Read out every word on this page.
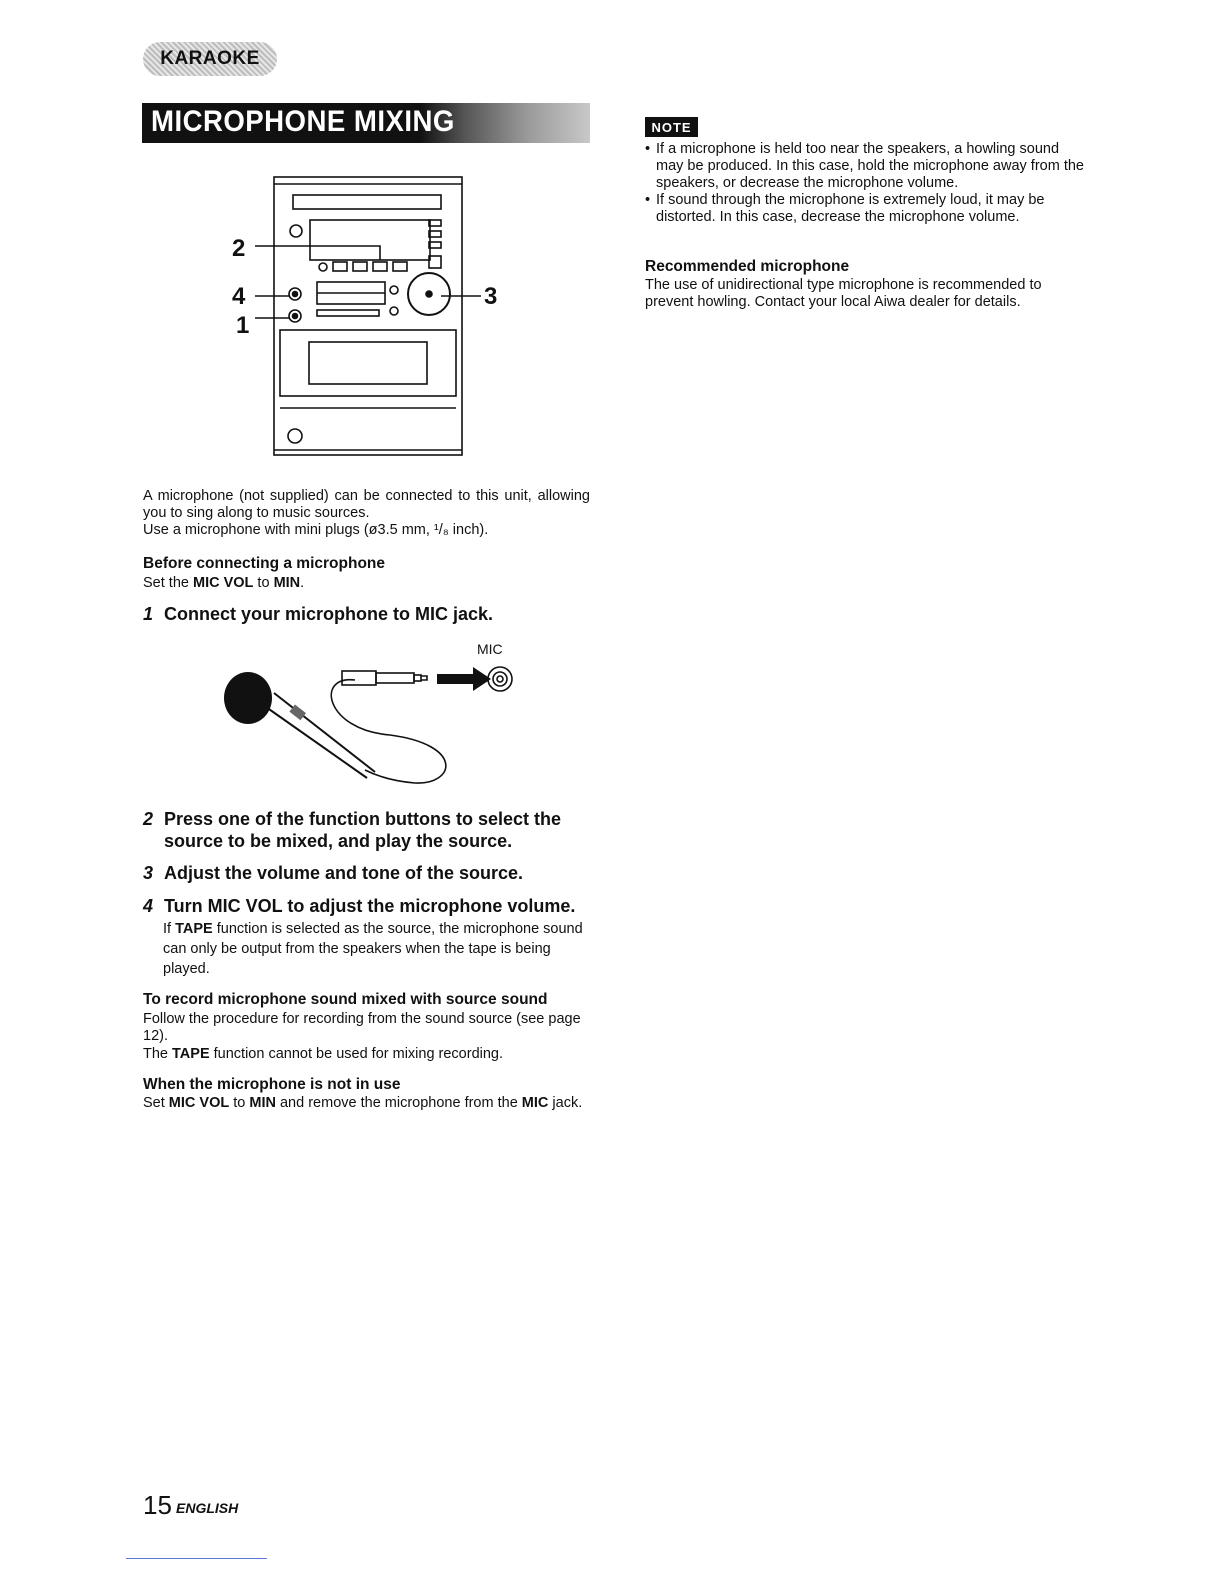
KARAOKE
MICROPHONE MIXING
2
4
1
3
A microphone (not supplied) can be connected to this unit, allowing you to sing along to music sources.
Use a microphone with mini plugs (ø3.5 mm, ¹/₈ inch).
Before connecting a microphone
Set the MIC VOL to MIN.
1 Connect your microphone to MIC jack.
MIC
2 Press one of the function buttons to select the source to be mixed, and play the source.
3 Adjust the volume and tone of the source.
4 Turn MIC VOL to adjust the microphone volume.
If TAPE function is selected as the source, the microphone sound can only be output from the speakers when the tape is being played.
To record microphone sound mixed with source sound
Follow the procedure for recording from the sound source (see page 12).
The TAPE function cannot be used for mixing recording.
When the microphone is not in use
Set MIC VOL to MIN and remove the microphone from the MIC jack.
NOTE
• If a microphone is held too near the speakers, a howling sound may be produced. In this case, hold the microphone away from the speakers, or decrease the microphone volume.
• If sound through the microphone is extremely loud, it may be distorted. In this case, decrease the microphone volume.
Recommended microphone
The use of unidirectional type microphone is recommended to prevent howling. Contact your local Aiwa dealer for details.
15 ENGLISH
